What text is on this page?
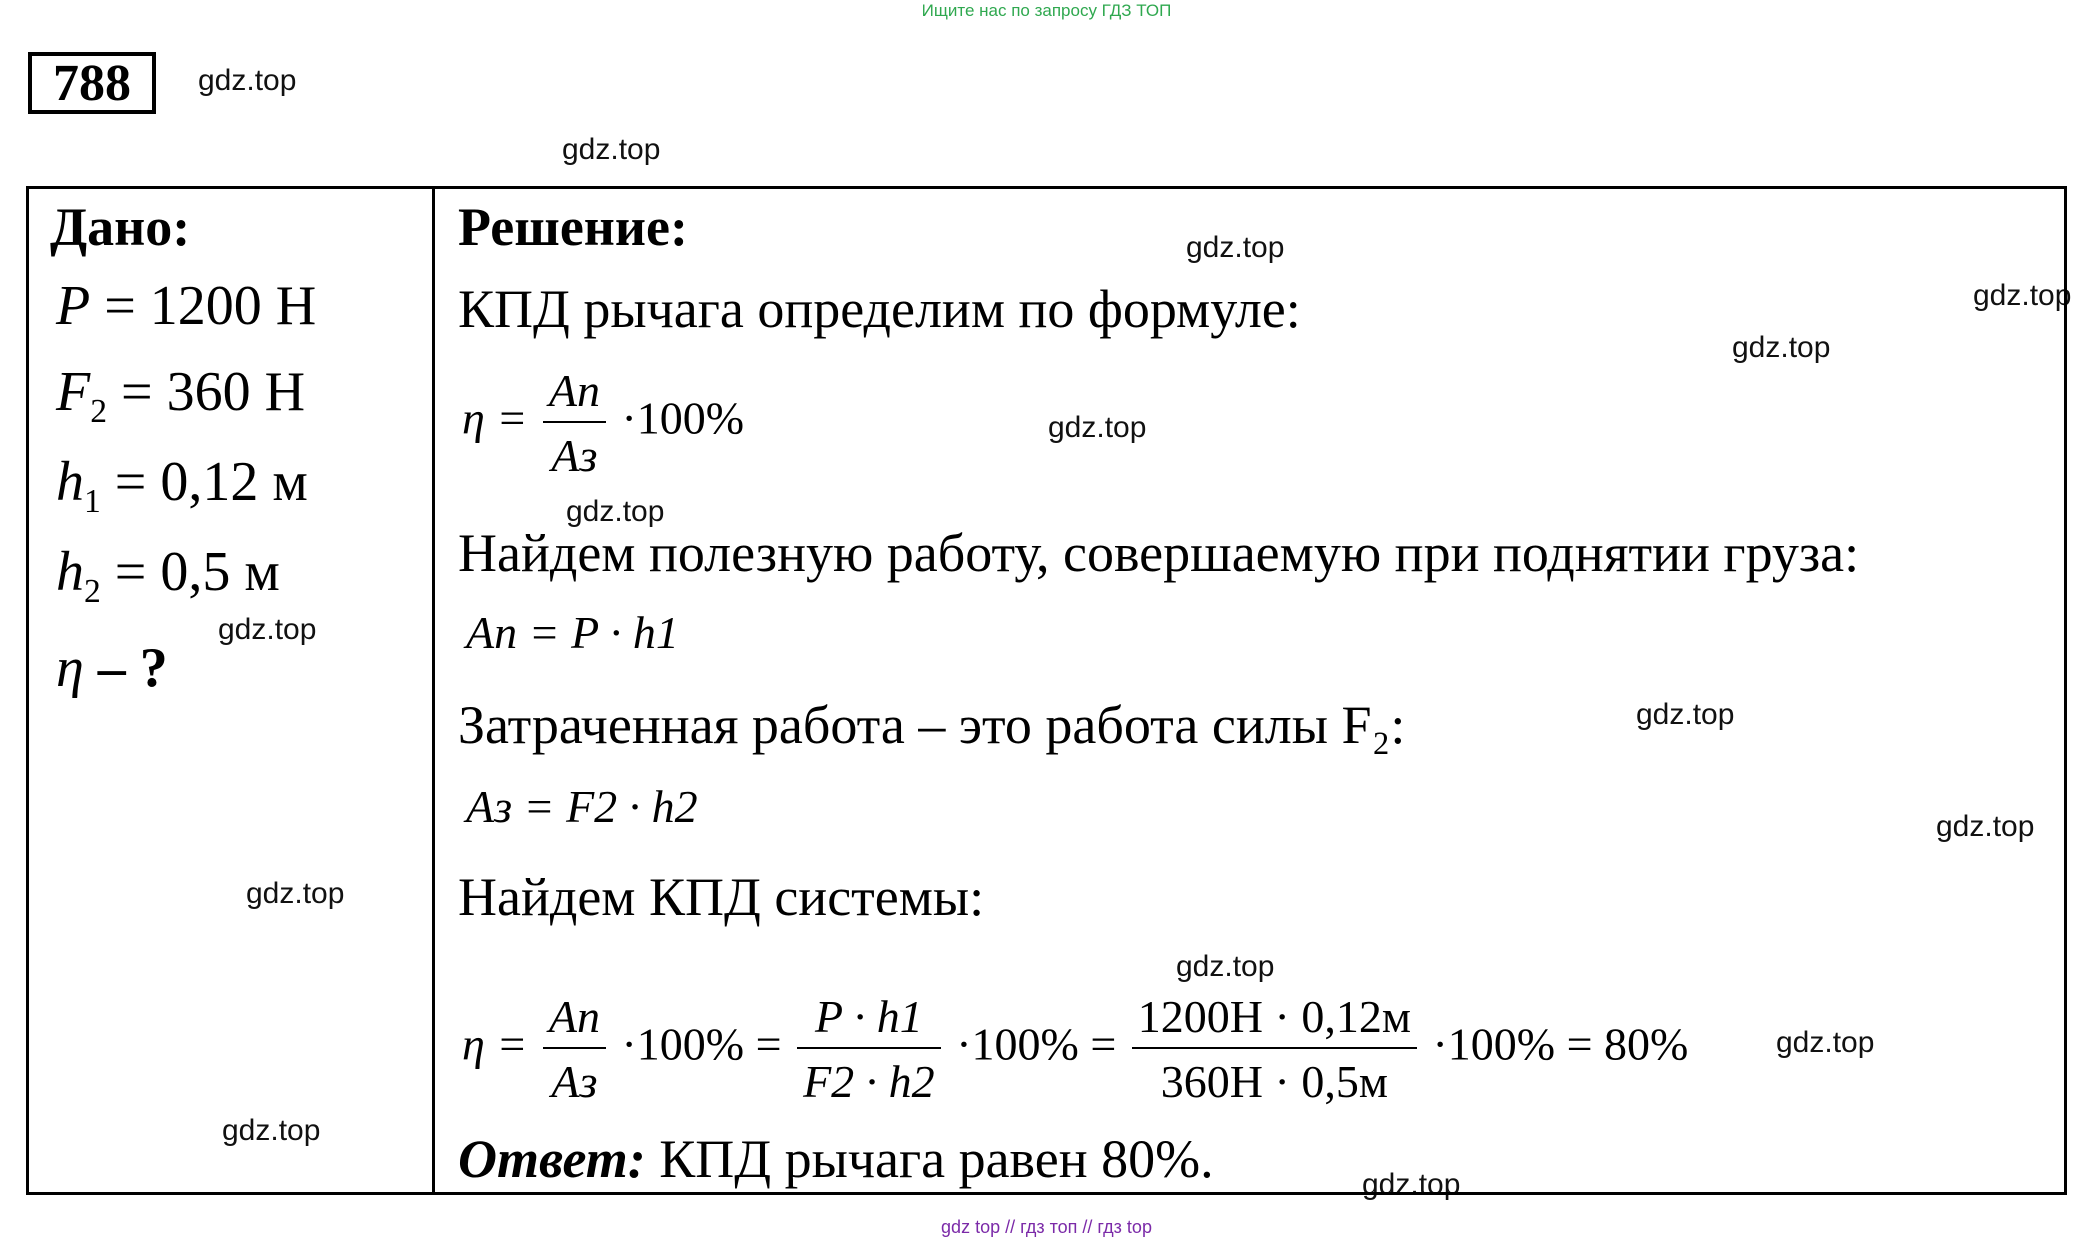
Ищите нас по запросу ГДЗ ТОП
788	gdz.top
gdz.top
gdz.top
gdz.top
gdz.top
gdz.top
gdz.top
gdz.top
gdz.top
gdz.top
gdz.top
gdz.top
gdz.top
gdz.top
gdz.top
Дано:
P = 1200 Н
$F_2 = 360$ Н
$h_1 = 0,12$ м
$h_2 = 0,5$ м
η – ?
Решение:
КПД рычага определим по формуле:
$\eta = \frac{Aп}{Aз} \cdot 100\%$
Найдем полезную работу, совершаемую при поднятии груза:
Aп = P · h1
Затраченная работа – это работа силы F₂:
Aз = F2 · h2
Найдем КПД системы:
$\eta = \frac{Aп}{Aз} \cdot 100\% = \frac{P \cdot h1}{F2 \cdot h2} \cdot 100\% = \frac{1200H \cdot 0,12м}{360H \cdot 0,5м} \cdot 100\% = 80\%$
Ответ: КПД рычага равен 80%.
gdz top // гдз топ // гдз top
